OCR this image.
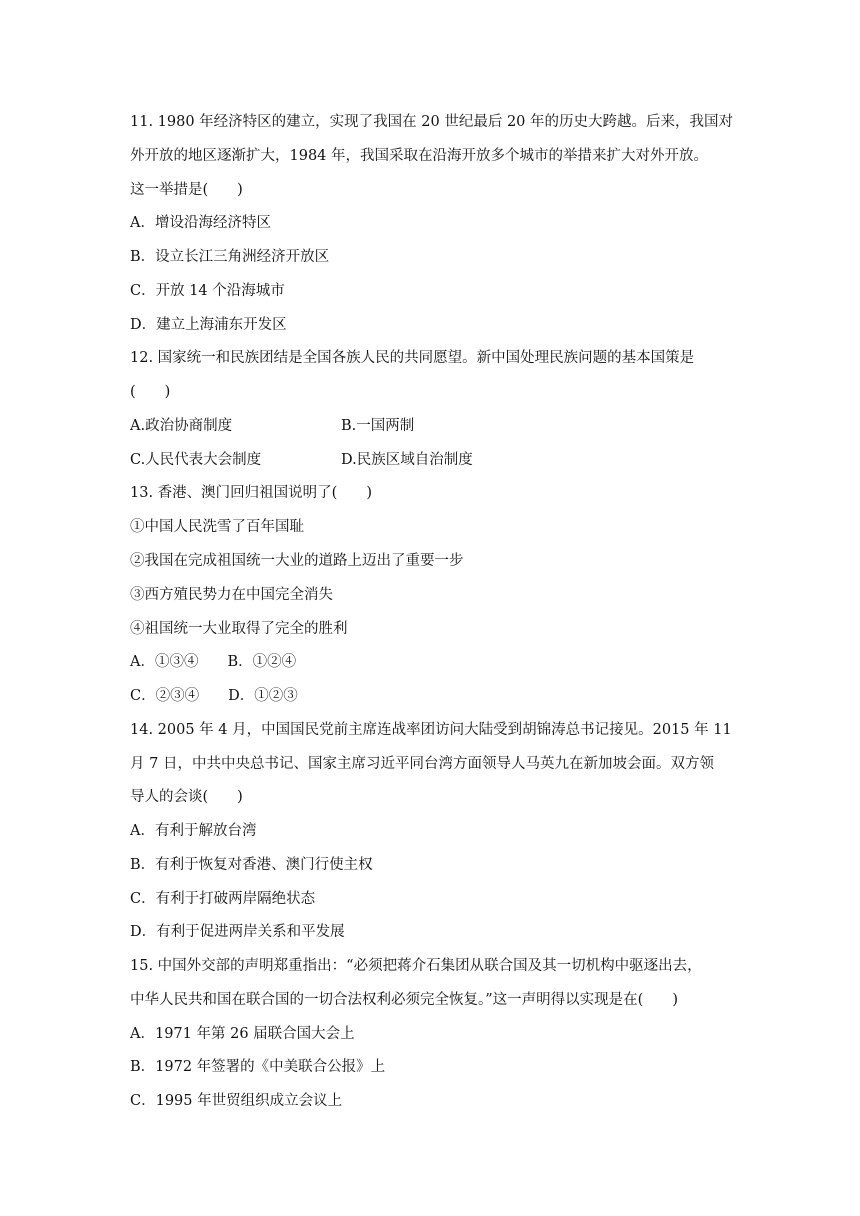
11. 1980 年经济特区的建立，实现了我国在 20 世纪最后 20 年的历史大跨越。后来，我国对
外开放的地区逐渐扩大，1984 年，我国采取在沿海开放多个城市的举措来扩大对外开放。
这一举措是(　　)
A．增设沿海经济特区
B．设立长江三角洲经济开放区
C．开放 14 个沿海城市
D．建立上海浦东开发区
12. 国家统一和民族团结是全国各族人民的共同愿望。新中国处理民族问题的基本国策是
(　　)
A.政治协商制度	B.一国两制
C.人民代表大会制度	D.民族区域自治制度
13. 香港、澳门回归祖国说明了(　　)
①中国人民洗雪了百年国耻
②我国在完成祖国统一大业的道路上迈出了重要一步
③西方殖民势力在中国完全消失
④祖国统一大业取得了完全的胜利
A．①③④　　B．①②④
C．②③④　　D．①②③
14. 2005 年 4 月，中国国民党前主席连战率团访问大陆受到胡锦涛总书记接见。2015 年 11
月 7 日，中共中央总书记、国家主席习近平同台湾方面领导人马英九在新加坡会面。双方领
导人的会谈(　　)
A．有利于解放台湾
B．有利于恢复对香港、澳门行使主权
C．有利于打破两岸隔绝状态
D．有利于促进两岸关系和平发展
15. 中国外交部的声明郑重指出：“必须把蒋介石集团从联合国及其一切机构中驱逐出去，
中华人民共和国在联合国的一切合法权利必须完全恢复。”这一声明得以实现是在(　　)
A．1971 年第 26 届联合国大会上
B．1972 年签署的《中美联合公报》上
C．1995 年世贸组织成立会议上
